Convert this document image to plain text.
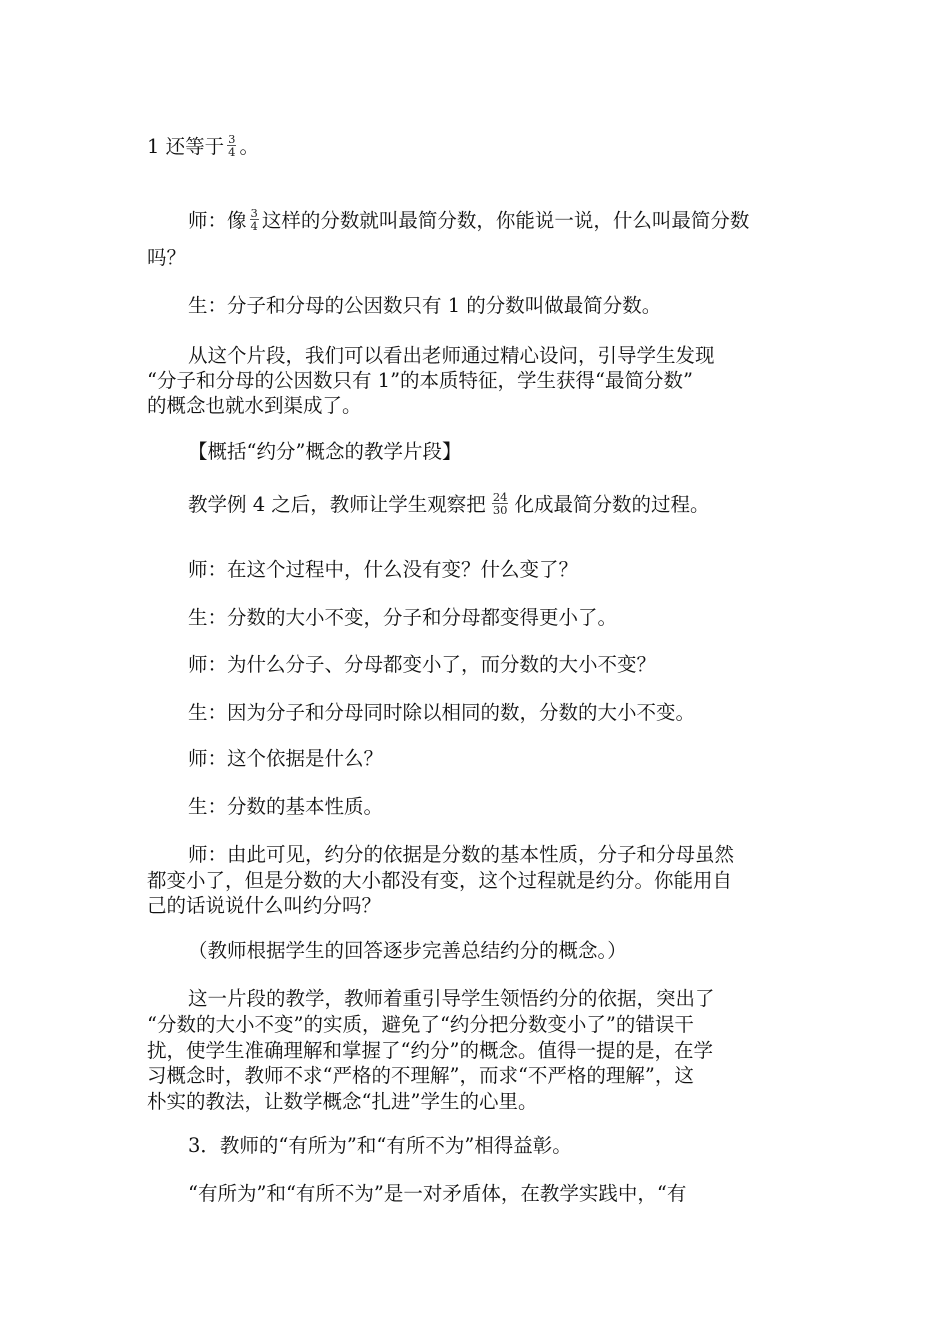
1 还等于 $\frac{3}{4}$ 。
师：像 $\frac{3}{4}$ 这样的分数就叫最简分数，你能说一说，什么叫最简分数
吗？
生：分子和分母的公因数只有 1 的分数叫做最简分数。
从这个片段，我们可以看出老师通过精心设问，引导学生发现
“分子和分母的公因数只有 1”的本质特征，学生获得“最简分数”
的概念也就水到渠成了。
【概括“约分”概念的教学片段】
教学例 4 之后，教师让学生观察把 $\frac{24}{30}$ 化成最简分数的过程。
师：在这个过程中，什么没有变？什么变了？
生：分数的大小不变，分子和分母都变得更小了。
师：为什么分子、分母都变小了，而分数的大小不变？
生：因为分子和分母同时除以相同的数，分数的大小不变。
师：这个依据是什么？
生：分数的基本性质。
师：由此可见，约分的依据是分数的基本性质，分子和分母虽然
都变小了，但是分数的大小都没有变，这个过程就是约分。你能用自
己的话说说什么叫约分吗？
（教师根据学生的回答逐步完善总结约分的概念。）
这一片段的教学，教师着重引导学生领悟约分的依据，突出了
“分数的大小不变”的实质，避免了“约分把分数变小了”的错误干
扰，使学生准确理解和掌握了“约分”的概念。值得一提的是，在学
习概念时，教师不求“严格的不理解”，而求“不严格的理解”，这
朴实的教法，让数学概念“扎进”学生的心里。
3．教师的“有所为”和“有所不为”相得益彰。
“有所为”和“有所不为”是一对矛盾体，在教学实践中，“有
